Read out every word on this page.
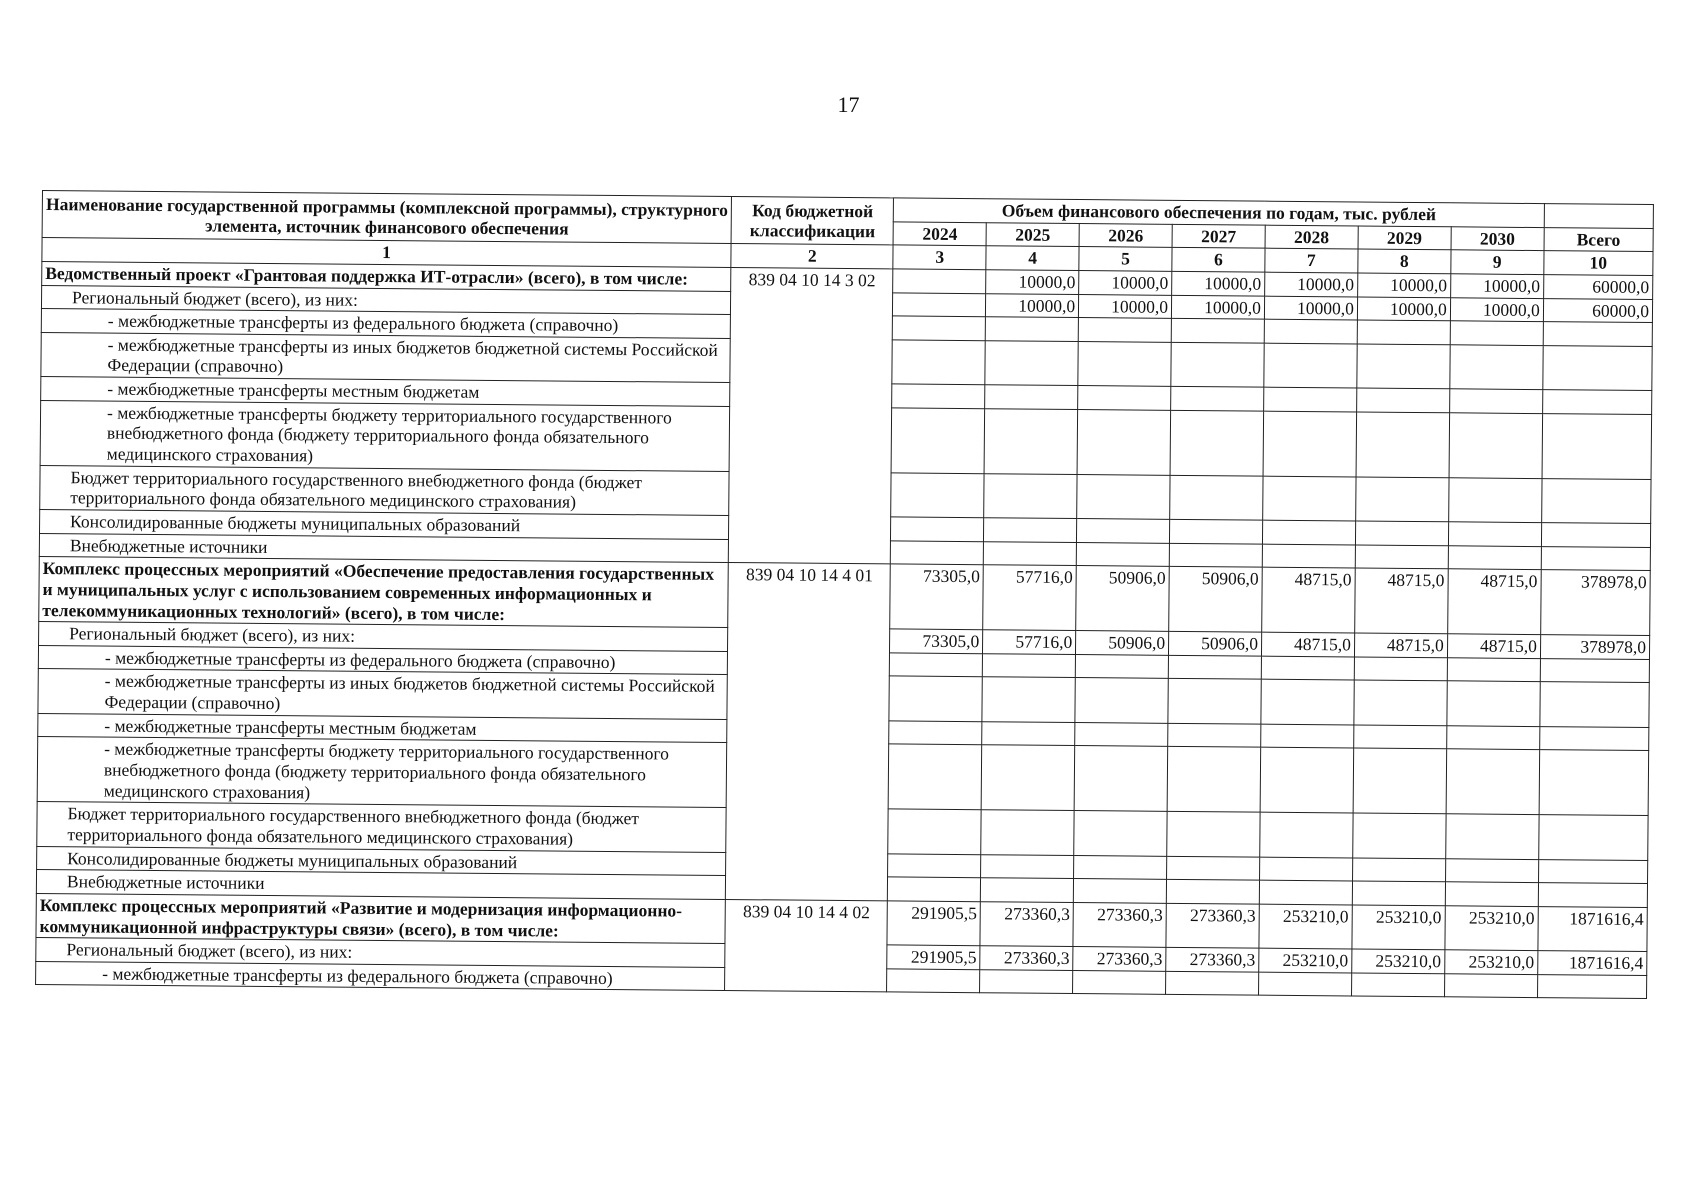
17
Наименование государственной программы (комплексной программы), структурного элемента, источник финансового обеспечения	Код бюджетной классификации	Объем финансового обеспечения по годам, тыс. рублей							
		2024	2025	2026	2027	2028	2029	2030	Всего
1	2	3	4	5	6	7	8	9	10
Ведомственный проект «Грантовая поддержка ИТ-отрасли» (всего), в том числе:	839 04 10 14 3 02		10000,0	10000,0	10000,0	10000,0	10000,0	10000,0	60000,0
Региональный бюджет (всего), из них:			10000,0	10000,0	10000,0	10000,0	10000,0	10000,0	60000,0
- межбюджетные трансферты из федерального бюджета (справочно)									
- межбюджетные трансферты из иных бюджетов бюджетной системы Российской Федерации (справочно)									
- межбюджетные трансферты местным бюджетам									
- межбюджетные трансферты бюджету территориального государственного внебюджетного фонда (бюджету территориального фонда обязательного медицинского страхования)									
Бюджет территориального государственного внебюджетного фонда (бюджет территориального фонда обязательного медицинского страхования)									
Консолидированные бюджеты муниципальных образований									
Внебюджетные источники									
Комплекс процессных мероприятий «Обеспечение предоставления государственных и муниципальных услуг с использованием современных информационных и телекоммуникационных технологий» (всего), в том числе:	839 04 10 14 4 01	73305,0	57716,0	50906,0	50906,0	48715,0	48715,0	48715,0	378978,0
Региональный бюджет (всего), из них:		73305,0	57716,0	50906,0	50906,0	48715,0	48715,0	48715,0	378978,0
- межбюджетные трансферты из федерального бюджета (справочно)									
- межбюджетные трансферты из иных бюджетов бюджетной системы Российской Федерации (справочно)									
- межбюджетные трансферты местным бюджетам									
- межбюджетные трансферты бюджету территориального государственного внебюджетного фонда (бюджету территориального фонда обязательного медицинского страхования)									
Бюджет территориального государственного внебюджетного фонда (бюджет территориального фонда обязательного медицинского страхования)									
Консолидированные бюджеты муниципальных образований									
Внебюджетные источники									
Комплекс процессных мероприятий «Развитие и модернизация информационно-коммуникационной инфраструктуры связи» (всего), в том числе:	839 04 10 14 4 02	291905,5	273360,3	273360,3	273360,3	253210,0	253210,0	253210,0	1871616,4
Региональный бюджет (всего), из них:		291905,5	273360,3	273360,3	273360,3	253210,0	253210,0	253210,0	1871616,4
- межбюджетные трансферты из федерального бюджета (справочно)									
